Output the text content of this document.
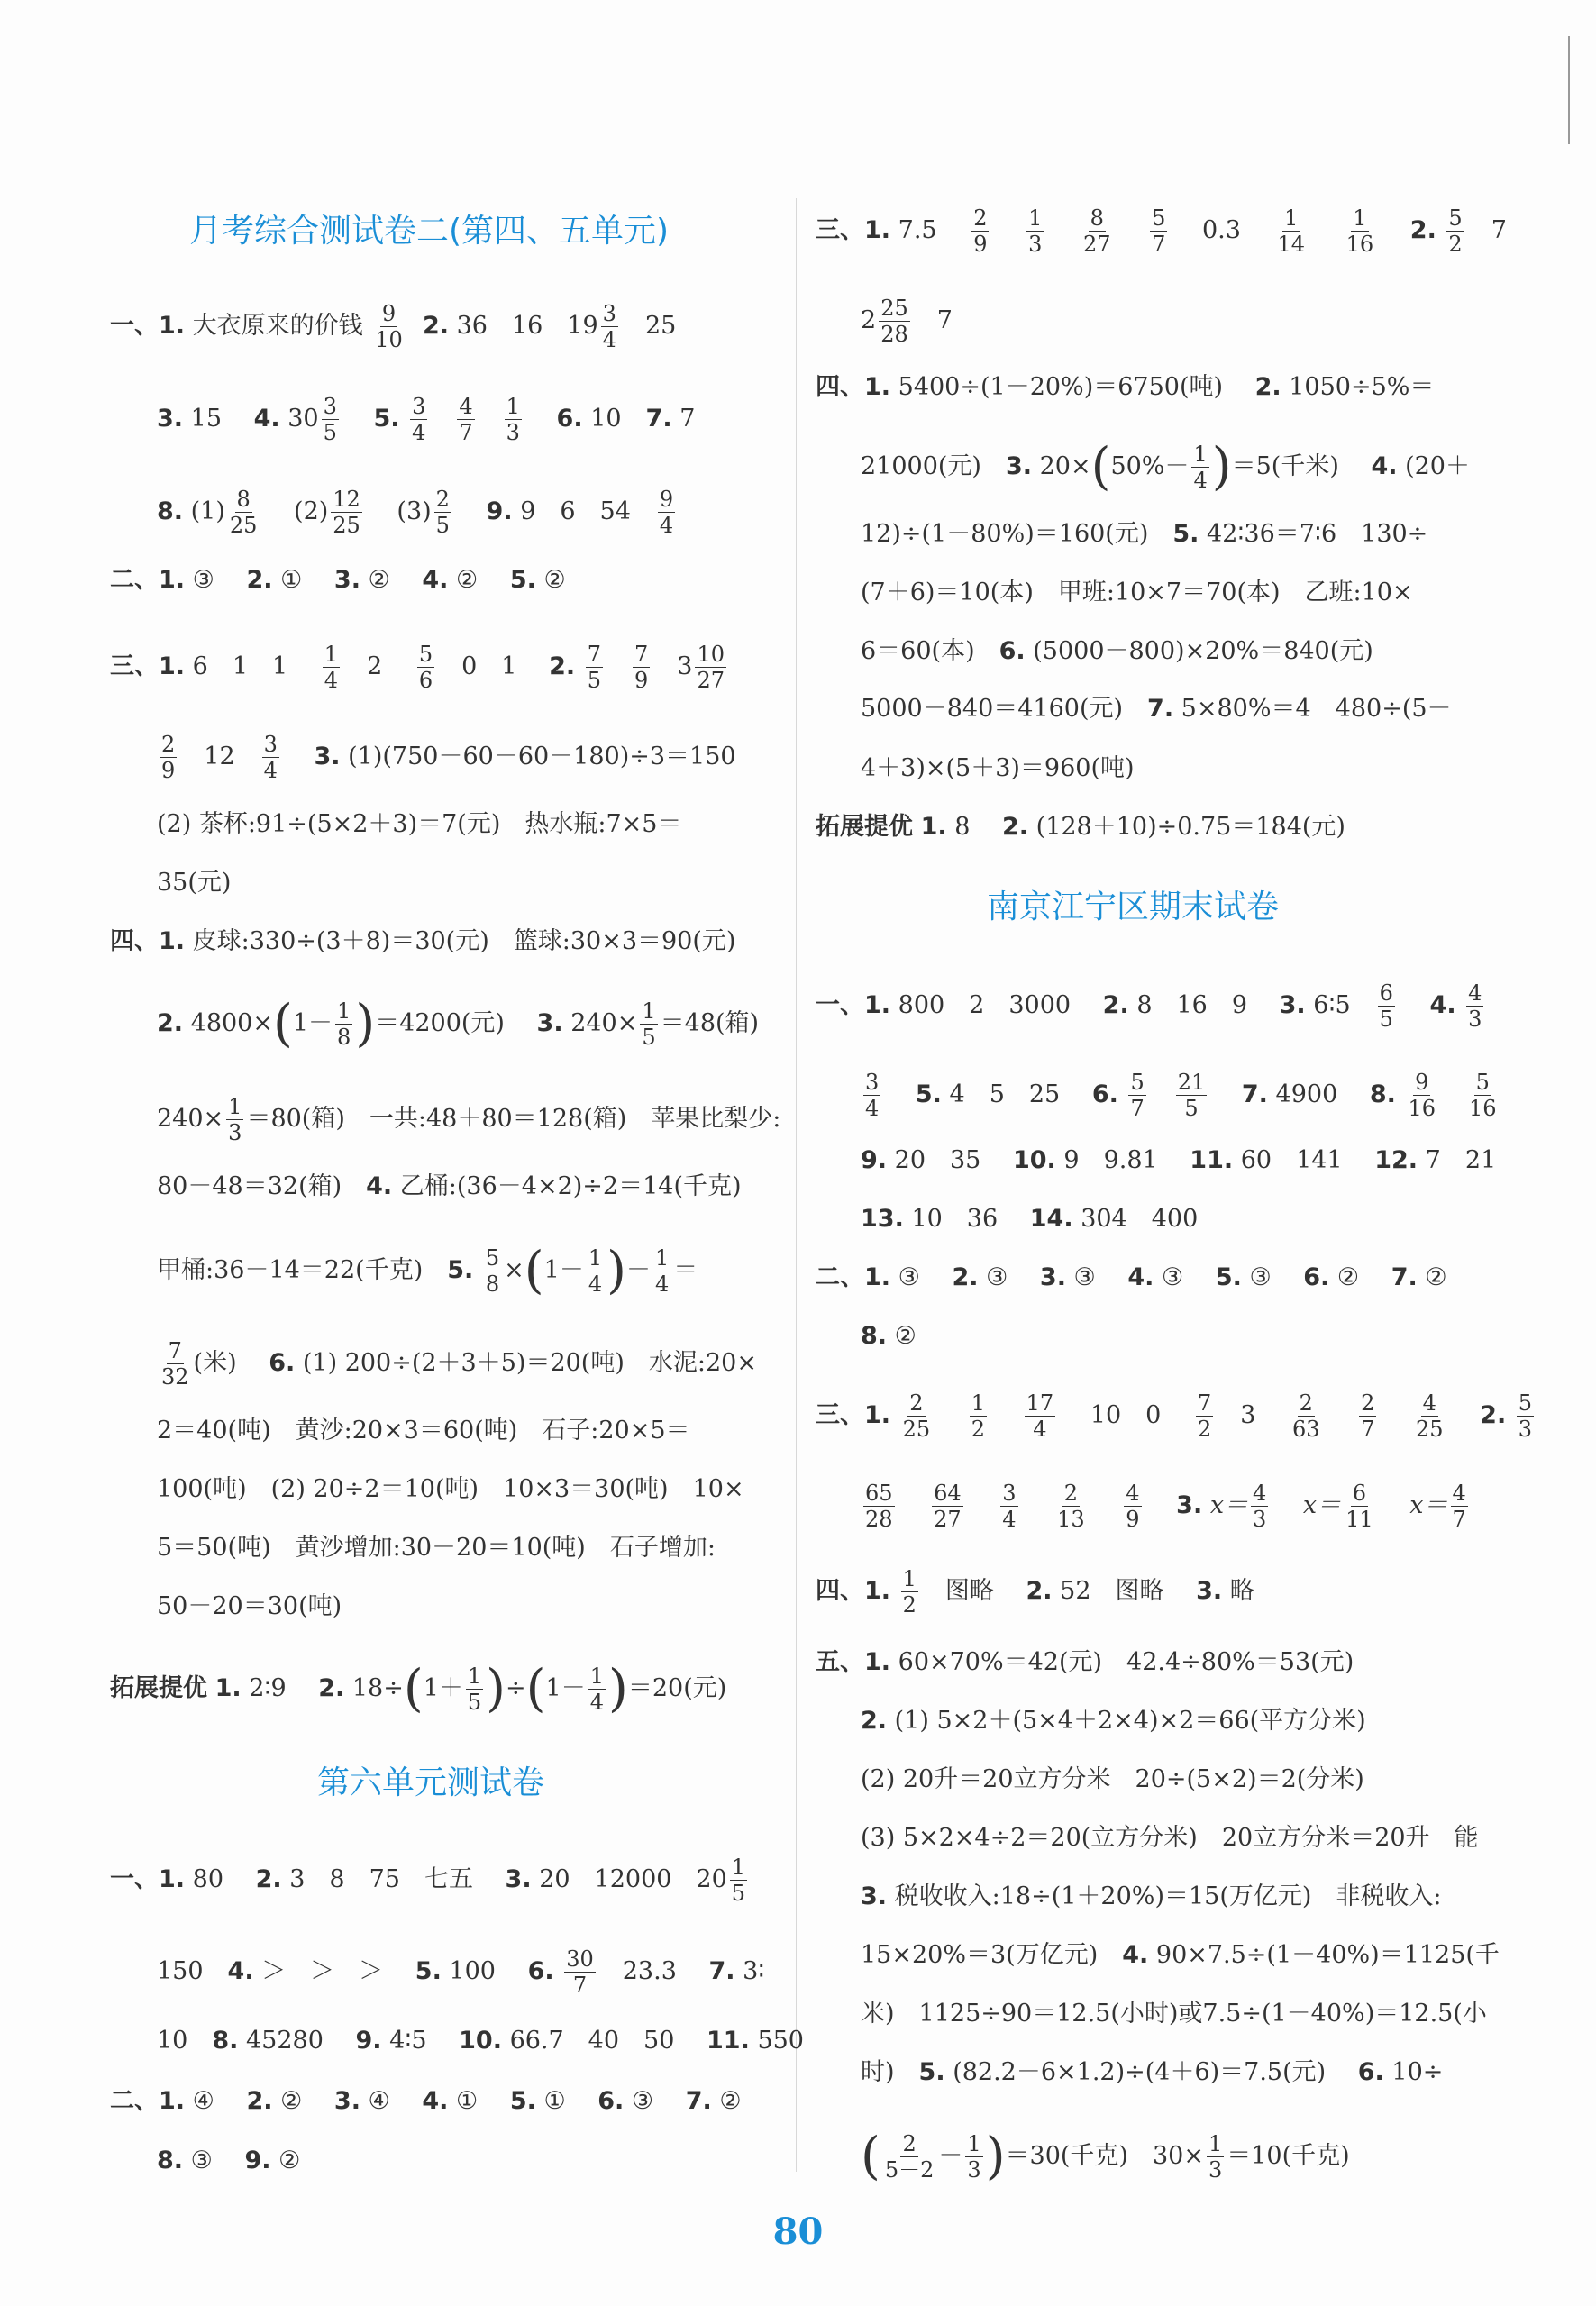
月考综合测试卷二(第四、五单元)
一、1. 大衣原来的价钱 $\frac{9}{10} 2$. 36　16　$19 \frac{3}{4}$
　 25
3. 15　 4. $30 \frac{3}{5}$
　 5. $\frac{3}{4}$
　 $\frac{4}{7}$
　 $\frac{1}{3}$
　 6. 10　 7. 7
8. $(1) \frac{8}{25}$
　 $(2) \frac{12}{25}$
　 $(3) \frac{2}{5}$
　 9. 9　6　54　 $\frac{9}{4}$
二、1. ③　 2. ①　 3. ②　 4. ②　 5. ②
三、1. 6　1　1　 $\frac{1}{4}$
　 2　 $\frac{5}{6}$
　 0　1　 2. $\frac{7}{5}$
　 $\frac{7}{9}$
　 $3 \frac{10}{27}$
$\frac{2}{9}$
　 12　 $\frac{3}{4}$
　 3. (1)(750－60－60－180)÷3＝150
(2) 茶杯:91÷(5×2＋3)＝7(元)　热水瓶:7×5＝
35(元)
四、1. 皮球:330÷(3＋8)＝30(元)　篮球:30×3＝90(元)
2. $4800\times(1- \frac{1}{8} )=4200$(元)　 3. $240\times \frac{1}{5} =48$(箱)
$240\times \frac{1}{3} =80$(箱)　一共:48＋80＝128(箱)　苹果比梨少:
80－48＝32(箱)　 4. 乙桶:(36－4×2)÷2＝14(千克)
甲桶:36－14＝22(千克)　 5. $\frac{5}{8} \times(1- \frac{1}{4}$ )－ $\frac{1}{4}$ ＝
$\frac{7}{32}$ (米)　 6. (1) 200÷(2＋3＋5)＝20(吨)　水泥:20×
2＝40(吨)　黄沙:20×3＝60(吨)　石子:20×5＝
100(吨)　(2) 20÷2＝10(吨)　10×3＝30(吨)　10×
5＝50(吨)　黄沙增加:30－20＝10(吨)　石子增加:
50－20＝30(吨)
拓展提优 1. 2∶9　 2. $18\div(1+ \frac{1}{5} )\div(1- \frac{1}{4} )=20$(元)
第六单元测试卷
一、1. 80　 2. 3　8　75　七五　 3. 20　12000　$20 \frac{1}{5}$
150　 4. ＞　＞　＞　 5. 100　 6. $\frac{30}{7}$
　 23.3　 7. 3∶
10　 8. 45280　 9. 4∶5　 10. 66.7　40　50　 11. 550
二、1. ④　 2. ②　 3. ④　 4. ①　 5. ①　 6. ③　 7. ②
8. ③　 9. ②
三、1. 7.5　 $\frac{2}{9}$
　 $\frac{1}{3}$
　 $\frac{8}{27}$
　 $\frac{5}{7}$
　 0.3　 $\frac{1}{14}$
　 $\frac{1}{16}$
　 2. $\frac{5}{2}$
　 7
$2 \frac{25}{28}$
　 7
四、1. 5400÷(1－20%)＝6750(吨)　 2. 1050÷5%＝
21000(元)　 3. $20\times(50\%- \frac{1}{4} )=5$(千米)　 4. (20＋
12)÷(1－80%)＝160(元)　 5. 42∶36＝7∶6　130÷
(7＋6)＝10(本)　甲班:10×7＝70(本)　乙班:10×
6＝60(本)　 6. (5000－800)×20%＝840(元)
5000－840＝4160(元)　 7. 5×80%＝4　480÷(5－
4＋3)×(5＋3)＝960(吨)
拓展提优 1. 8　 2. (128＋10)÷0.75＝184(元)
南京江宁区期末试卷
一、1. 800　2　3000　 2. 8　16　9　 3. 6∶5　 $\frac{6}{5}$
　 4. $\frac{4}{3}$
$\frac{3}{4}$
　 5. 4　5　25　 6. $\frac{5}{7}$
　 $\frac{21}{5}$
　 7. 4900　 8. $\frac{9}{16}$
　 $\frac{5}{16}$
9. 20　35　 10. 9　9.81　 11. 60　141　 12. 7　21
13. 10　36　 14. 304　400
二、1. ③　 2. ③　 3. ③　 4. ③　 5. ③　 6. ②　 7. ②
8. ②
三、1. $\frac{2}{25}$
　 $\frac{1}{2}$
　 $\frac{17}{4}$
　 10　0　 $\frac{7}{2}$
　 3　 $\frac{2}{63}$
　 $\frac{2}{7}$
　 $\frac{4}{25}$
　 2. $\frac{5}{3}$
$\frac{65}{28}$
　 $\frac{64}{27}$
　 $\frac{3}{4}$
　 $\frac{2}{13}$
　 $\frac{4}{9}$
　 3. $x= \frac{4}{3}$
　 $x= \frac{6}{11}$
　 $x= \frac{4}{7}$
四、1. $\frac{1}{2}$
　 图略　 2. 52　图略　 3. 略
五、1. 60×70%＝42(元)　42.4÷80%＝53(元)
2. (1) 5×2＋(5×4＋2×4)×2＝66(平方分米)
(2) 20升＝20立方分米　20÷(5×2)＝2(分米)
(3) 5×2×4÷2＝20(立方分米)　20立方分米＝20升　能
3. 税收收入:18÷(1＋20%)＝15(万亿元)　非税收入:
15×20%＝3(万亿元)　 4. 90×7.5÷(1－40%)＝1125(千
米)　1125÷90＝12.5(小时)或7.5÷(1－40%)＝12.5(小
时)　 5. (82.2－6×1.2)÷(4＋6)＝7.5(元)　 6. 10÷
( $\frac{2}{5-2} - \frac{1}{3} )=30$(千克)　$30\times \frac{1}{3} =10$(千克)
80
